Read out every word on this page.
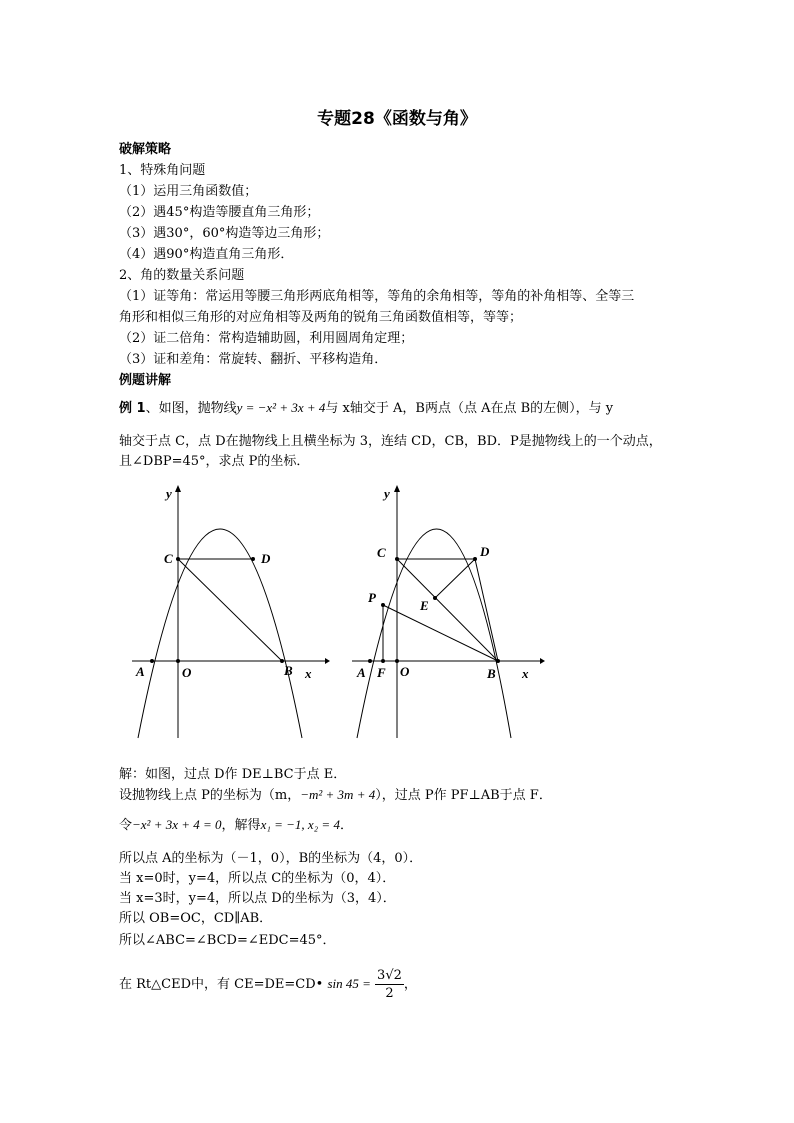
专题28《函数与角》
破解策略
1、特殊角问题
（1）运用三角函数值；
（2）遇45°构造等腰直角三角形；
（3）遇30°，60°构造等边三角形；
（4）遇90°构造直角三角形．
2、角的数量关系问题
（1）证等角：常运用等腰三角形两底角相等，等角的余角相等，等角的补角相等、全等三
角形和相似三角形的对应角相等及两角的锐角三角函数值相等，等等；
（2）证二倍角：常构造辅助圆，利用圆周角定理；
（3）证和差角：常旋转、翻折、平移构造角．
例题讲解
例 1、如图，抛物线y = −x² + 3x + 4与 x轴交于 A，B两点（点 A在点 B的左侧），与 y
轴交于点 C，点 D在抛物线上且横坐标为 3，连结 CD，CB，BD．P是抛物线上的一个动点，
且∠DBP=45°，求点 P的坐标．
y
C	D
A	O	B x
y
C	D
P
E
A F O	B x
解：如图，过点 D作 DE⊥BC于点 E．
设抛物线上点 P的坐标为（m，−m² + 3m + 4），过点 P作 PF⊥AB于点 F．
令−x² + 3x + 4 = 0，解得x₁ = −1, x₂ = 4．
所以点 A的坐标为（－1，0），B的坐标为（4，0）．
当 x=0时，y=4，所以点 C的坐标为（0，4）．
当 x=3时，y=4，所以点 D的坐标为（3，4）．
所以 OB=OC，CD∥AB．
所以∠ABC=∠BCD=∠EDC=45°．
在 Rt△CED中，有 CE=DE=CD• $\sin 45 = \frac{3√2}{2}$ ，
